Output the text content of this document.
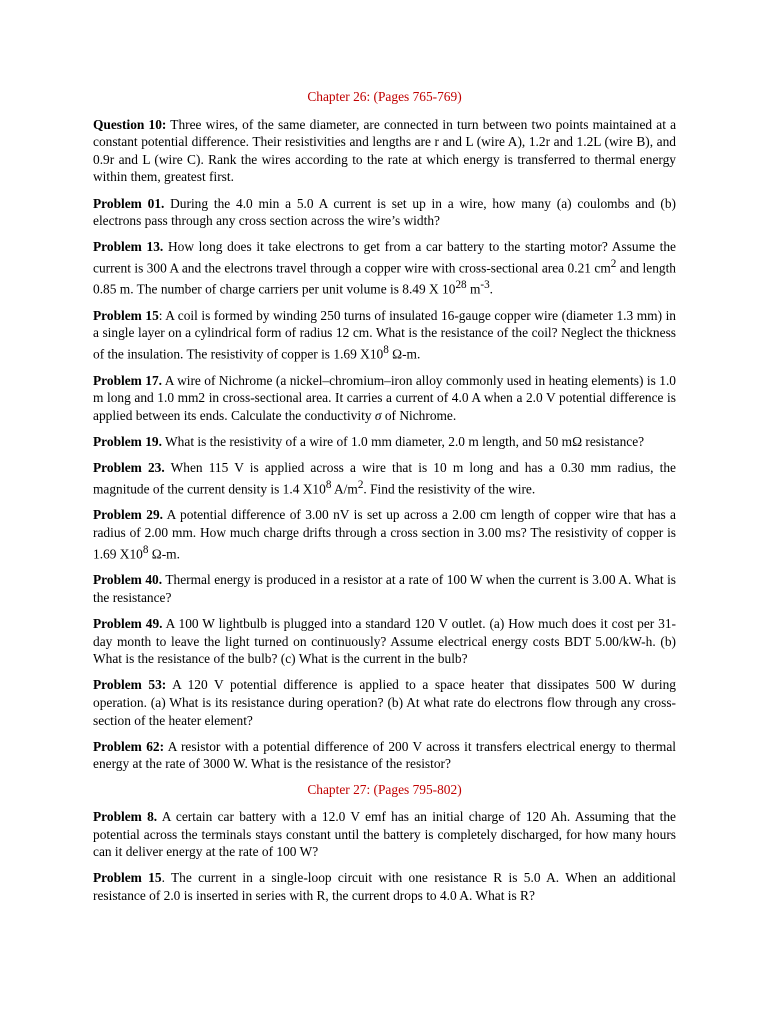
Chapter 26: (Pages 765-769)

Question 10: Three wires, of the same diameter, are connected in turn between two points maintained at a constant potential difference. Their resistivities and lengths are r and L (wire A), 1.2r and 1.2L (wire B), and 0.9r and L (wire C). Rank the wires according to the rate at which energy is transferred to thermal energy within them, greatest first.

Problem 01. During the 4.0 min a 5.0 A current is set up in a wire, how many (a) coulombs and (b) electrons pass through any cross section across the wire’s width?

Problem 13. How long does it take electrons to get from a car battery to the starting motor? Assume the current is 300 A and the electrons travel through a copper wire with cross-sectional area 0.21 $cm^2$ and length 0.85 m. The number of charge carriers per unit volume is 8.49 X $10^{28}$ $m^{-3}$.

Problem 15: A coil is formed by winding 250 turns of insulated 16-gauge copper wire (diameter 1.3 mm) in a single layer on a cylindrical form of radius 12 cm. What is the resistance of the coil? Neglect the thickness of the insulation. The resistivity of copper is 1.69 $X10^8$ Ω-m.

Problem 17. A wire of Nichrome (a nickel–chromium–iron alloy commonly used in heating elements) is 1.0 m long and 1.0 mm2 in cross-sectional area. It carries a current of 4.0 A when a 2.0 V potential difference is applied between its ends. Calculate the conductivity σ of Nichrome.

Problem 19. What is the resistivity of a wire of 1.0 mm diameter, 2.0 m length, and 50 mΩ resistance?

Problem 23. When 115 V is applied across a wire that is 10 m long and has a 0.30 mm radius, the magnitude of the current density is 1.4 $X10^8$ $A/m^2$. Find the resistivity of the wire.

Problem 29. A potential difference of 3.00 nV is set up across a 2.00 cm length of copper wire that has a radius of 2.00 mm. How much charge drifts through a cross section in 3.00 ms? The resistivity of copper is 1.69 $X10^8$ Ω-m.

Problem 40. Thermal energy is produced in a resistor at a rate of 100 W when the current is 3.00 A. What is the resistance?

Problem 49. A 100 W lightbulb is plugged into a standard 120 V outlet. (a) How much does it cost per 31-day month to leave the light turned on continuously? Assume electrical energy costs BDT 5.00/kW-h. (b) What is the resistance of the bulb? (c) What is the current in the bulb?

Problem 53: A 120 V potential difference is applied to a space heater that dissipates 500 W during operation. (a) What is its resistance during operation? (b) At what rate do electrons flow through any cross-section of the heater element?

Problem 62: A resistor with a potential difference of 200 V across it transfers electrical energy to thermal energy at the rate of 3000 W. What is the resistance of the resistor?

Chapter 27: (Pages 795-802)

Problem 8. A certain car battery with a 12.0 V emf has an initial charge of 120 Ah. Assuming that the potential across the terminals stays constant until the battery is completely discharged, for how many hours can it deliver energy at the rate of 100 W?

Problem 15. The current in a single-loop circuit with one resistance R is 5.0 A. When an additional resistance of 2.0 is inserted in series with R, the current drops to 4.0 A. What is R?
